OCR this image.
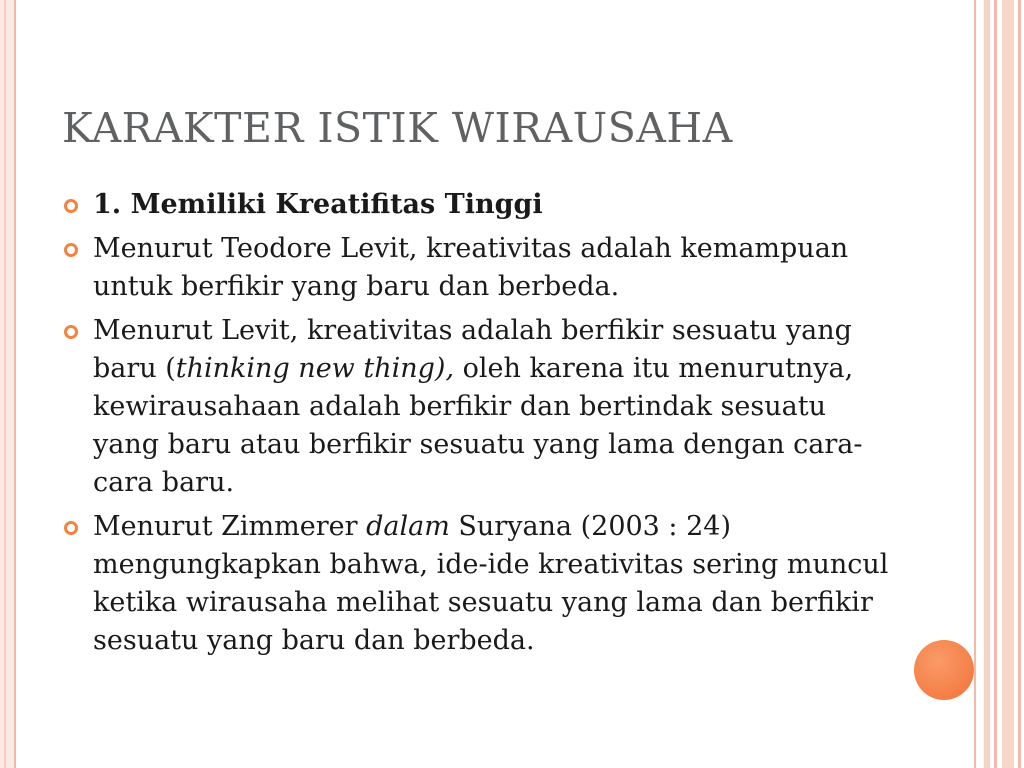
KARAKTER ISTIK WIRAUSAHA
1. Memiliki Kreatifitas Tinggi
Menurut Teodore Levit, kreativitas adalah kemampuan untuk berfikir yang baru dan berbeda.
Menurut Levit, kreativitas adalah berfikir sesuatu yang baru (thinking new thing), oleh karena itu menurutnya, kewirausahaan adalah berfikir dan bertindak sesuatu yang baru atau berfikir sesuatu yang lama dengan cara-cara baru.
Menurut Zimmerer dalam Suryana (2003 : 24) mengungkapkan bahwa, ide-ide kreativitas sering muncul ketika wirausaha melihat sesuatu yang lama dan berfikir sesuatu yang baru dan berbeda.
